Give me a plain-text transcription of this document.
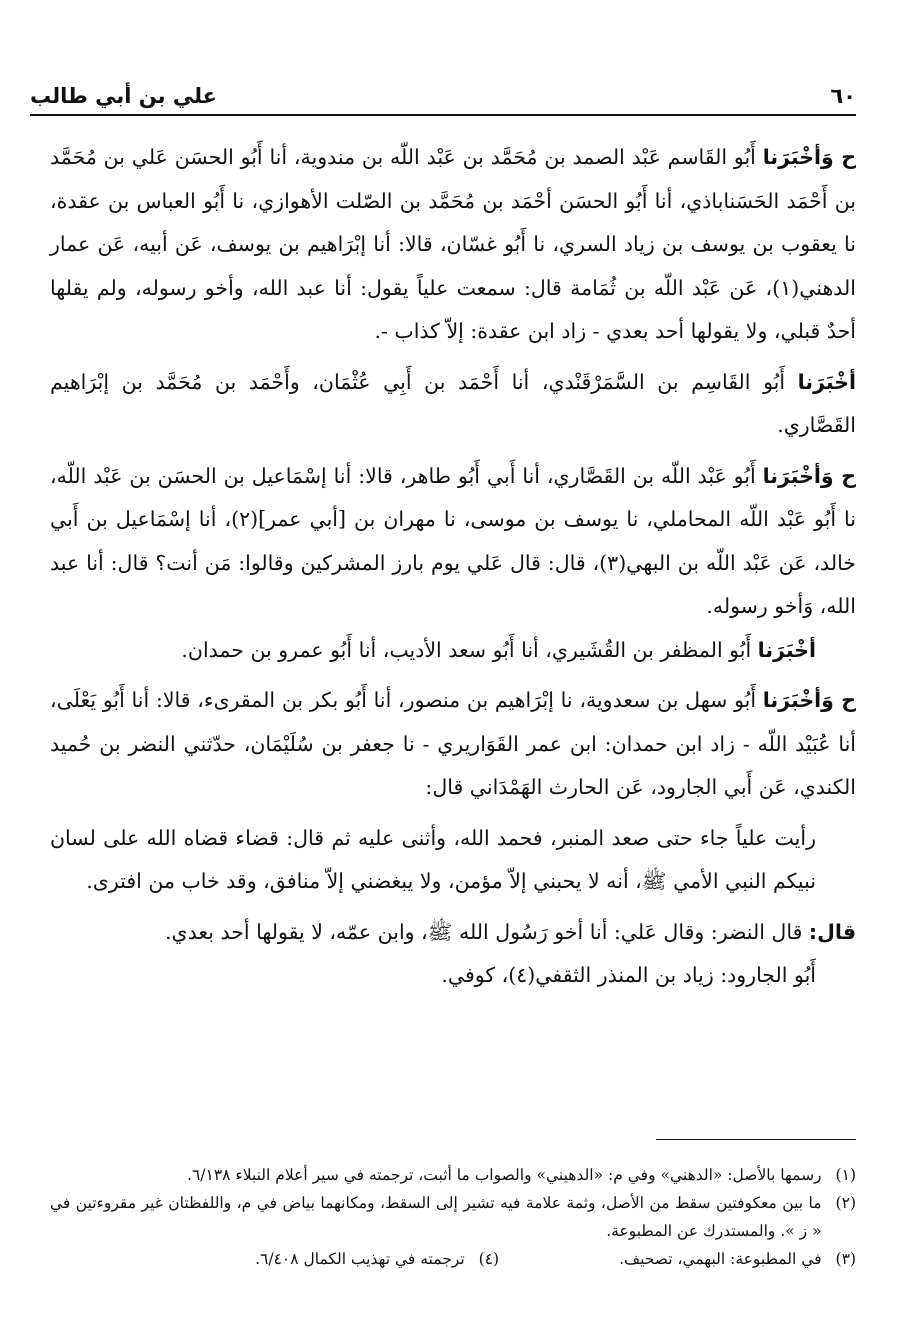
٦٠
علي بن أبي طالب

ح وَأخْبَرَنا أَبُو القَاسم عَبْد الصمد بن مُحَمَّد بن عَبْد اللّه بن مندوية، أنا أَبُو الحسَن عَلي بن مُحَمَّد بن أَحْمَد الحَسَناباذي، أنا أَبُو الحسَن أحْمَد بن مُحَمَّد بن الصّلت الأهوازي، نا أَبُو العباس بن عقدة، نا يعقوب بن يوسف بن زياد السري، نا أَبُو غسّان، قالا: أنا إبْرَاهيم بن يوسف، عَن أبيه، عَن عمار الدهني(١)، عَن عَبْد اللّه بن ثُمَامة قال: سمعت علياً يقول: أنا عبد الله، وأخو رسوله، ولم يقلها أحدٌ قبلي، ولا يقولها أحد بعدي - زاد ابن عقدة: إلاّ كذاب -.

أخْبَرَنا أَبُو القَاسِم بن السَّمَرْقَنْدي، أنا أَحْمَد بن أَبِي عُثْمَان، وأَحْمَد بن مُحَمَّد بن إبْرَاهيم القَصَّاري.

ح وَأخْبَرَنا أَبُو عَبْد اللّه بن القَصَّاري، أنا أَبي أَبُو طاهر، قالا: أنا إسْمَاعيل بن الحسَن بن عَبْد اللّه، نا أَبُو عَبْد اللّه المحاملي، نا يوسف بن موسى، نا مهران بن [أبي عمر](٢)، أنا إسْمَاعيل بن أَبي خالد، عَن عَبْد اللّه بن البهي(٣)، قال: قال عَلي يوم بارز المشركين وقالوا: مَن أنت؟ قال: أنا عبد الله، وَأخو رسوله.

أخْبَرَنا أَبُو المظفر بن القُشَيري، أنا أَبُو سعد الأديب، أنا أَبُو عمرو بن حمدان.

ح وَأخْبَرَنا أَبُو سهل بن سعدوية، نا إبْرَاهيم بن منصور، أنا أَبُو بكر بن المقرىء، قالا: أنا أَبُو يَعْلَى، أنا عُبَيْد اللّه - زاد ابن حمدان: ابن عمر القَوَاريري - نا جعفر بن سُلَيْمَان، حدّثني النضر بن حُميد الكندي، عَن أَبي الجارود، عَن الحارث الهَمْدَاني قال:

رأيت علياً جاء حتى صعد المنبر، فحمد الله، وأثنى عليه ثم قال: قضاء قضاه الله على لسان نبيكم النبي الأمي ﷺ، أنه لا يحبني إلاّ مؤمن، ولا يبغضني إلاّ منافق، وقد خاب من افترى.

قال: قال النضر: وقال عَلي: أنا أخو رَسُول الله ﷺ، وابن عمّه، لا يقولها أحد بعدي.

أَبُو الجارود: زياد بن المنذر الثقفي(٤)، كوفي.

(١)
رسمها بالأصل: «الدهني» وفي م: «الدهيني» والصواب ما أثبت، ترجمته في سير أعلام النبلاء ٦/١٣٨.
(٢)
ما بين معكوفتين سقط من الأصل، وثمة علامة فيه تشير إلى السقط، ومكانهما بياض في م، واللفظتان غير مقروءتين في « ز ». والمستدرك عن المطبوعة.
(٣)
في المطبوعة: البهمي، تصحيف.
(٤)
ترجمته في تهذيب الكمال ٦/٤٠٨.
